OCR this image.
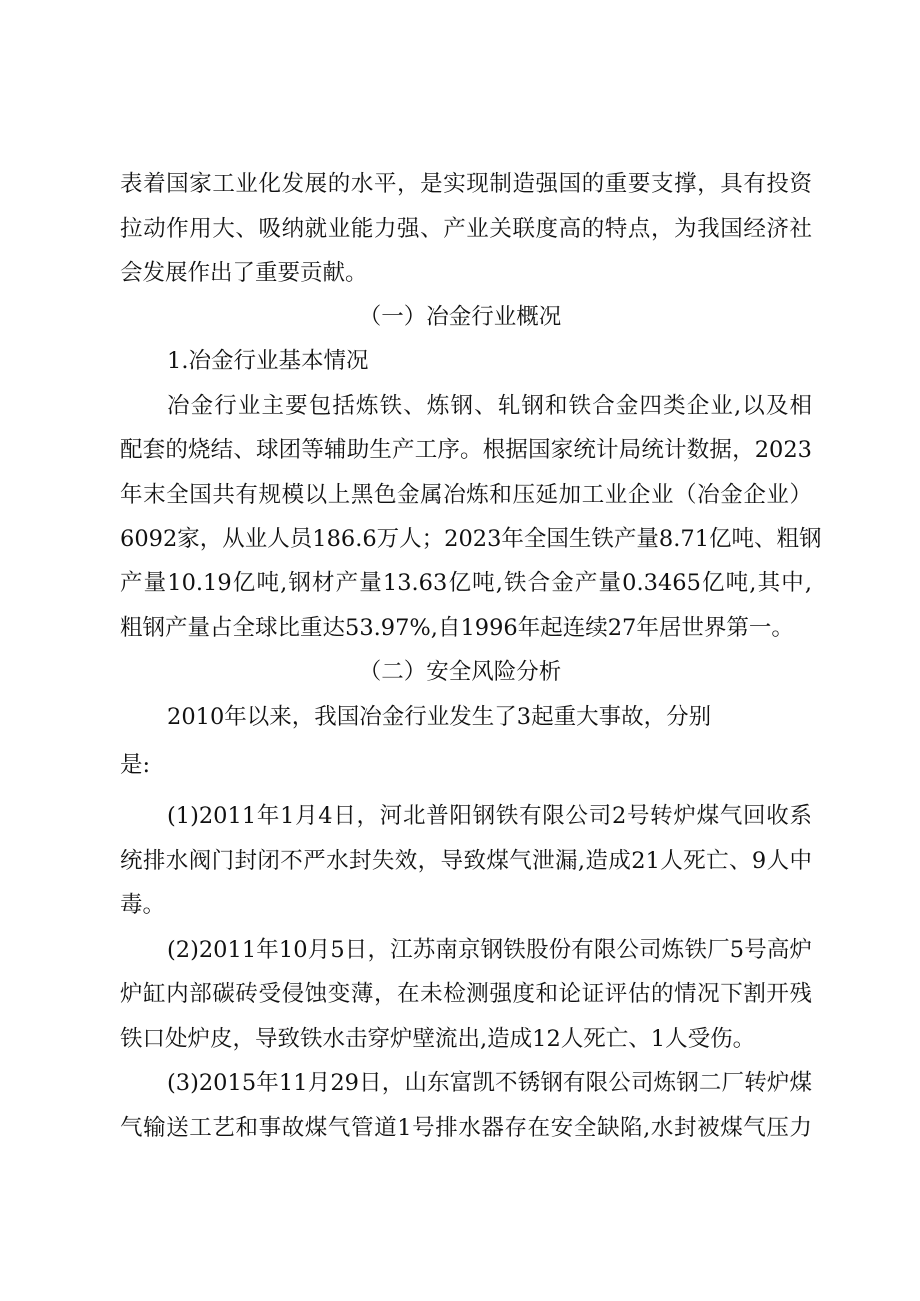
表着国家工业化发展的水平，是实现制造强国的重要支撑，具有投资

拉动作用大、吸纳就业能力强、产业关联度高的特点，为我国经济社

会发展作出了重要贡献。

（一）冶金行业概况
1.冶金行业基本情况

冶金行业主要包括炼铁、炼钢、轧钢和铁合金四类企业,以及相

配套的烧结、球团等辅助生产工序。根据国家统计局统计数据，2023

年末全国共有规模以上黑色金属冶炼和压延加工业企业（冶金企业）

6092家，从业人员186.6万人；2023年全国生铁产量8.71亿吨、粗钢

产量10.19亿吨,钢材产量13.63亿吨,铁合金产量0.3465亿吨,其中,

粗钢产量占全球比重达53.97%,自1996年起连续27年居世界第一。

（二）安全风险分析

2010年以来，我国冶金行业发生了3起重大事故，分别

是:

(1)2011年1月4日，河北普阳钢铁有限公司2号转炉煤气回收系

统排水阀门封闭不严水封失效，导致煤气泄漏,造成21人死亡、9人中

毒。

(2)2011年10月5日，江苏南京钢铁股份有限公司炼铁厂5号高炉

炉缸内部碳砖受侵蚀变薄，在未检测强度和论证评估的情况下割开残

铁口处炉皮，导致铁水击穿炉壁流出,造成12人死亡、1人受伤。

(3)2015年11月29日，山东富凯不锈钢有限公司炼钢二厂转炉煤

气输送工艺和事故煤气管道1号排水器存在安全缺陷,水封被煤气压力
